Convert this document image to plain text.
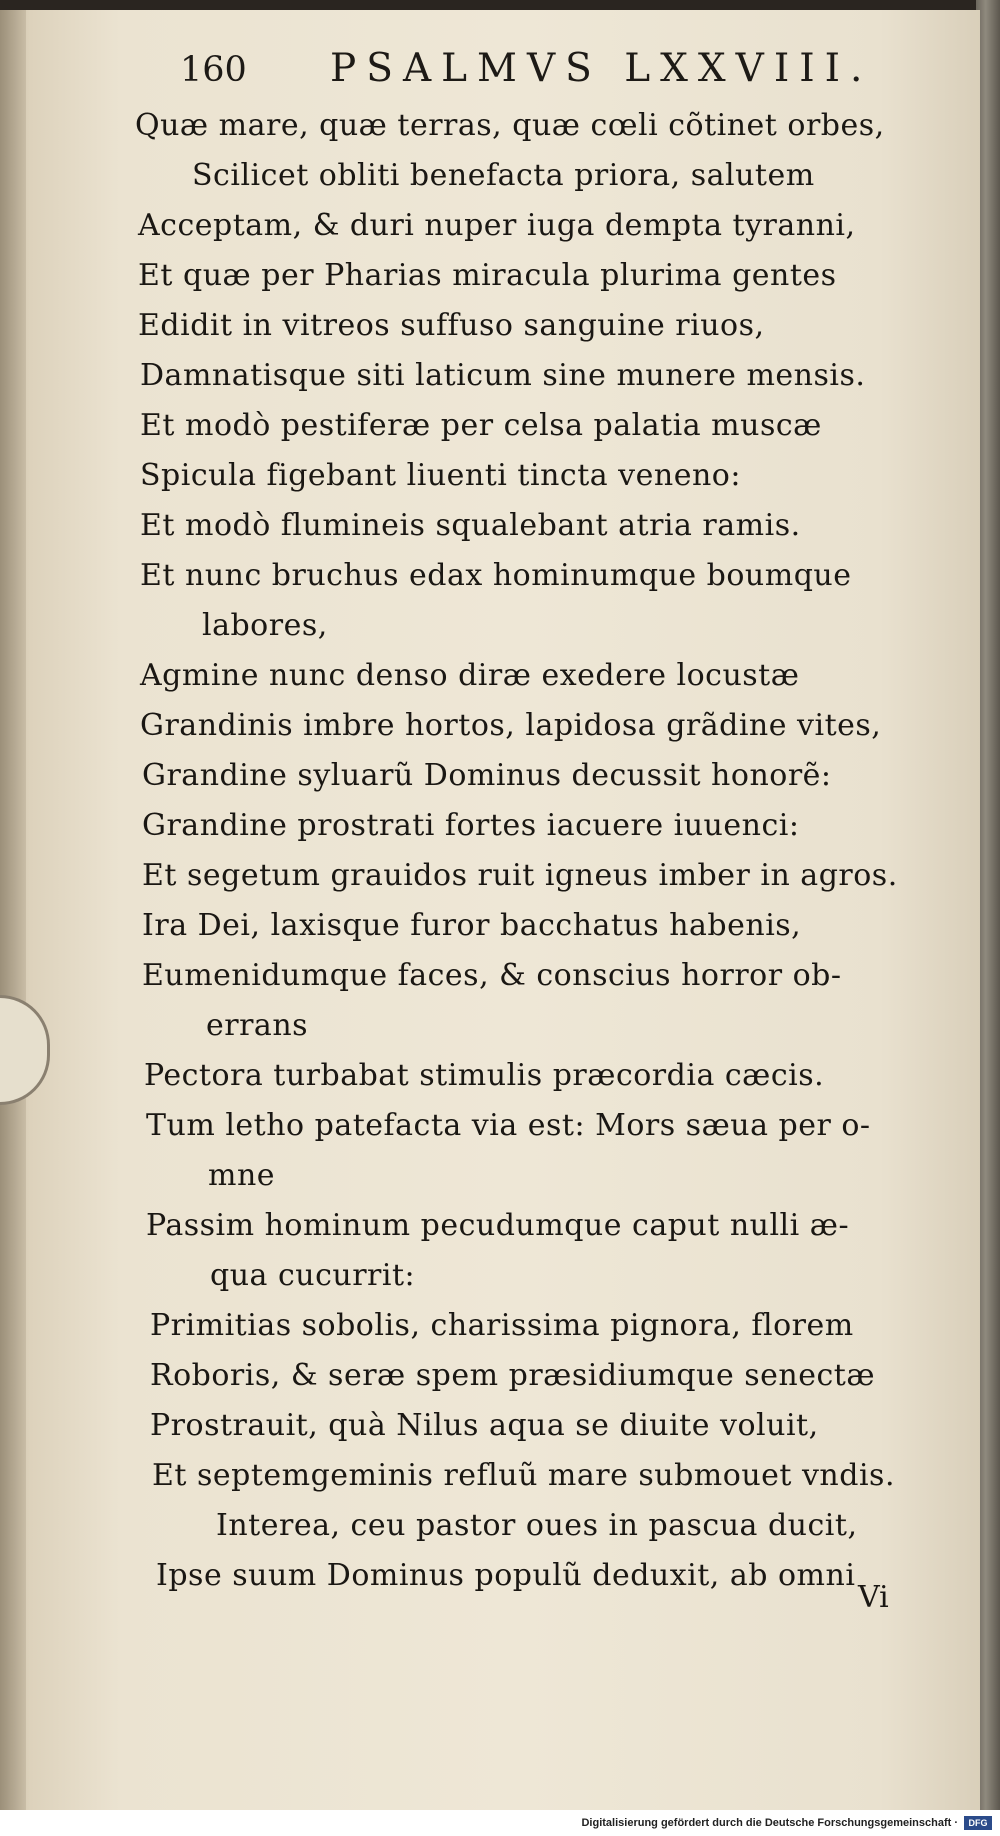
160 PSALMVS LXXVIII.
Quæ mare, quæ terras, quæ cœli cõtinet orbes,
Scilicet obliti benefacta priora, salutem
Acceptam, & duri nuper iuga dempta tyranni,
Et quæ per Pharias miracula plurima gentes
Edidit in vitreos suffuso sanguine riuos,
Damnatisque siti laticum sine munere mensis.
Et modò pestiferæ per celsa palatia muscæ
Spicula figebant liuenti tincta veneno:
Et modò flumineis squalebant atria ramis.
Et nunc bruchus edax hominumque boumque
labores,
Agmine nunc denso diræ exedere locustæ
Grandinis imbre hortos, lapidosa grãdine vites,
Grandine syluarũ Dominus decussit honorẽ:
Grandine prostrati fortes iacuere iuuenci:
Et segetum grauidos ruit igneus imber in agros.
Ira Dei, laxisque furor bacchatus habenis,
Eumenidumque faces, & conscius horror ob-
errans
Pectora turbabat stimulis præcordia cæcis.
Tum letho patefacta via est: Mors sæua per o-
mne
Passim hominum pecudumque caput nulli æ-
qua cucurrit:
Primitias sobolis, charissima pignora, florem
Roboris, & seræ spem præsidiumque senectæ
Prostrauit, quà Nilus aqua se diuite voluit,
Et septemgeminis refluũ mare submouet vndis.
Interea, ceu pastor oues in pascua ducit,
Ipse suum Dominus populũ deduxit, ab omni
Vi
Digitalisierung gefördert durch die Deutsche Forschungsgemeinschaft ·	DFG
